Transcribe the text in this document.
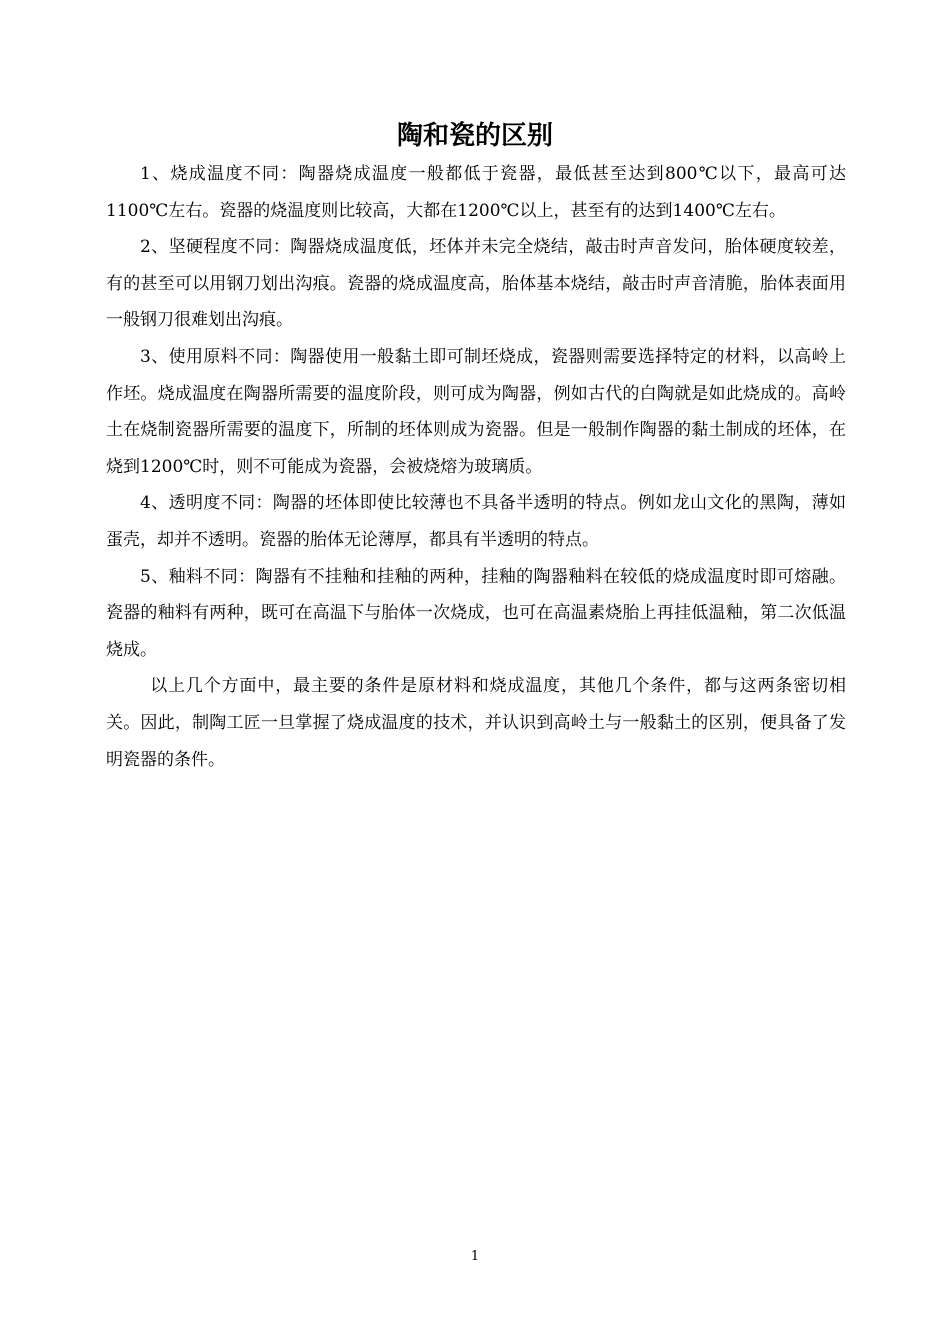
陶和瓷的区别

1、烧成温度不同：陶器烧成温度一般都低于瓷器，最低甚至达到800℃以下，最高可达1100℃左右。瓷器的烧温度则比较高，大都在1200℃以上，甚至有的达到1400℃左右。

2、坚硬程度不同：陶器烧成温度低，坯体并未完全烧结，敲击时声音发问，胎体硬度较差，有的甚至可以用钢刀划出沟痕。瓷器的烧成温度高，胎体基本烧结，敲击时声音清脆，胎体表面用一般钢刀很难划出沟痕。

3、使用原料不同：陶器使用一般黏土即可制坯烧成，瓷器则需要选择特定的材料，以高岭上作坯。烧成温度在陶器所需要的温度阶段，则可成为陶器，例如古代的白陶就是如此烧成的。高岭土在烧制瓷器所需要的温度下，所制的坯体则成为瓷器。但是一般制作陶器的黏土制成的坯体，在烧到1200℃时，则不可能成为瓷器，会被烧熔为玻璃质。

4、透明度不同：陶器的坯体即使比较薄也不具备半透明的特点。例如龙山文化的黑陶，薄如蛋壳，却并不透明。瓷器的胎体无论薄厚，都具有半透明的特点。

5、釉料不同：陶器有不挂釉和挂釉的两种，挂釉的陶器釉料在较低的烧成温度时即可熔融。瓷器的釉料有两种，既可在高温下与胎体一次烧成，也可在高温素烧胎上再挂低温釉，第二次低温烧成。

以上几个方面中，最主要的条件是原材料和烧成温度，其他几个条件，都与这两条密切相关。因此，制陶工匠一旦掌握了烧成温度的技术，并认识到高岭土与一般黏土的区别，便具备了发明瓷器的条件。

1
